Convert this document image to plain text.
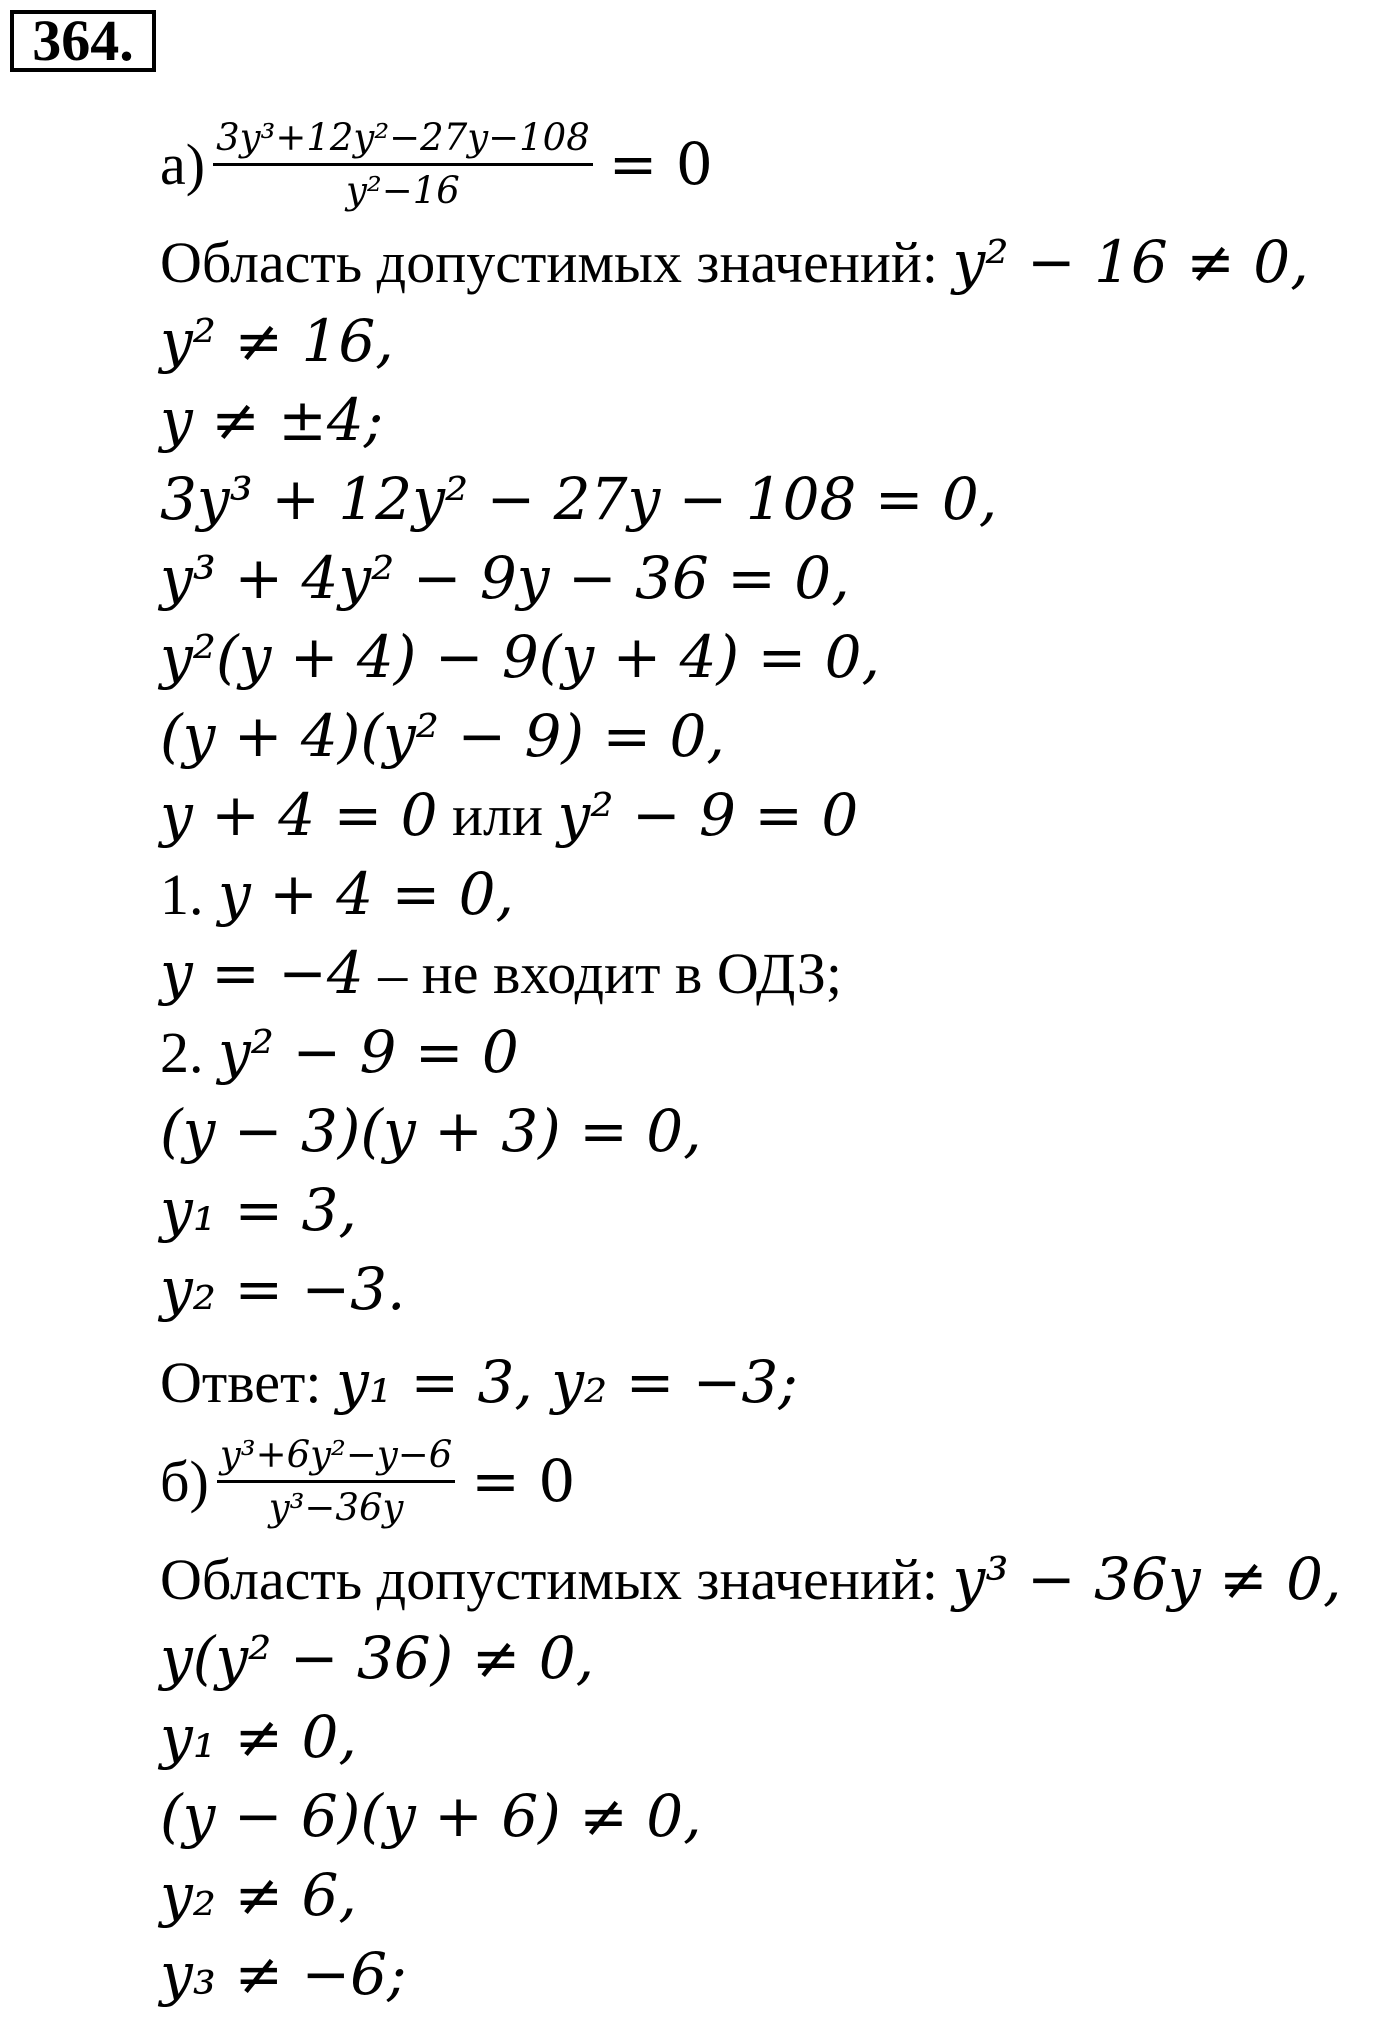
364.
$а) \frac{\text{3y³+12y²−27y−108}}{\text{y²−16}} = 0$
Область допустимых значений: y² − 16 ≠ 0,
y² ≠ 16,
y ≠ ±4;
3y³ + 12y² − 27y − 108 = 0,
y³ + 4y² − 9y − 36 = 0,
y²(y + 4) − 9(y + 4) = 0,
(y + 4)(y² − 9) = 0,
y + 4 = 0 или y² − 9 = 0
1. y + 4 = 0,
y = −4 – не входит в ОДЗ;
2. y² − 9 = 0
(y − 3)(y + 3) = 0,
y₁ = 3,
y₂ = −3.
Ответ: y₁ = 3, y₂ = −3;
$б) \frac{\text{y³+6y²−y−6}}{\text{y³−36y}} = 0$
Область допустимых значений: y³ − 36y ≠ 0,
y(y² − 36) ≠ 0,
y₁ ≠ 0,
(y − 6)(y + 6) ≠ 0,
y₂ ≠ 6,
y₃ ≠ −6;
